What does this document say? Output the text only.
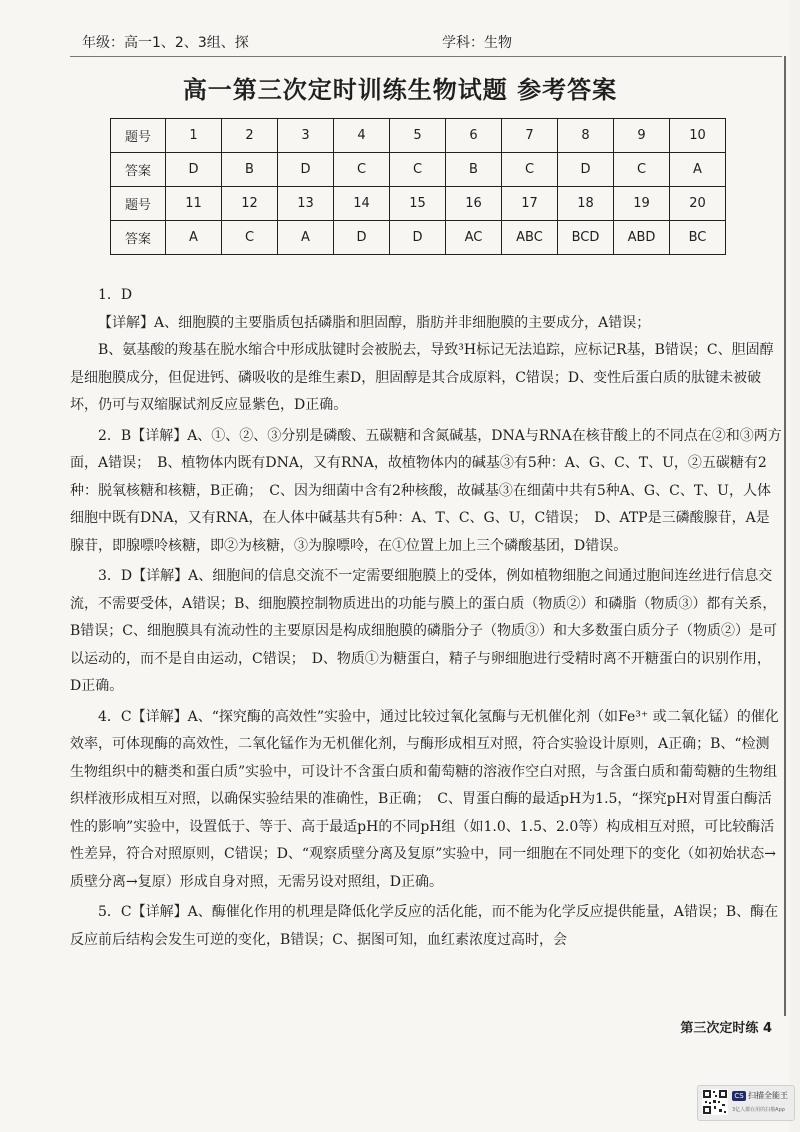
年级：高一1、2、3组、探	学科：生物
高一第三次定时训练生物试题 参考答案
题号	1	2	3	4	5	6	7	8	9	10
答案	D	B	D	C	C	B	C	D	C	A
题号	11	12	13	14	15	16	17	18	19	20
答案	A	C	A	D	D	AC	ABC	BCD	ABD	BC

1．D

【详解】A、细胞膜的主要脂质包括磷脂和胆固醇，脂肪并非细胞膜的主要成分，A错误；

B、氨基酸的羧基在脱水缩合中形成肽键时会被脱去，导致³H标记无法追踪，应标记R基，B错误；C、胆固醇是细胞膜成分，但促进钙、磷吸收的是维生素D，胆固醇是其合成原料，C错误；D、变性后蛋白质的肽键未被破坏，仍可与双缩脲试剂反应显紫色，D正确。

2．B【详解】A、①、②、③分别是磷酸、五碳糖和含氮碱基，DNA与RNA在核苷酸上的不同点在②和③两方面，A错误；　B、植物体内既有DNA，又有RNA，故植物体内的碱基③有5种：A、G、C、T、U，②五碳糖有2种：脱氧核糖和核糖，B正确；　C、因为细菌中含有2种核酸，故碱基③在细菌中共有5种A、G、C、T、U，人体细胞中既有DNA，又有RNA，在人体中碱基共有5种：A、T、C、G、U，C错误；　D、ATP是三磷酸腺苷，A是腺苷，即腺嘌呤核糖，即②为核糖，③为腺嘌呤，在①位置上加上三个磷酸基团，D错误。

3．D【详解】A、细胞间的信息交流不一定需要细胞膜上的受体，例如植物细胞之间通过胞间连丝进行信息交流，不需要受体，A错误；B、细胞膜控制物质进出的功能与膜上的蛋白质（物质②）和磷脂（物质③）都有关系，B错误；C、细胞膜具有流动性的主要原因是构成细胞膜的磷脂分子（物质③）和大多数蛋白质分子（物质②）是可以运动的，而不是自由运动，C错误；　D、物质①为糖蛋白，精子与卵细胞进行受精时离不开糖蛋白的识别作用，D正确。

4．C【详解】A、“探究酶的高效性”实验中，通过比较过氧化氢酶与无机催化剂（如Fe³⁺ 或二氧化锰）的催化效率，可体现酶的高效性，二氧化锰作为无机催化剂，与酶形成相互对照，符合实验设计原则，A正确；B、“检测生物组织中的糖类和蛋白质”实验中，可设计不含蛋白质和葡萄糖的溶液作空白对照，与含蛋白质和葡萄糖的生物组织样液形成相互对照，以确保实验结果的准确性，B正确；　C、胃蛋白酶的最适pH为1.5，“探究pH对胃蛋白酶活性的影响”实验中，设置低于、等于、高于最适pH的不同pH组（如1.0、1.5、2.0等）构成相互对照，可比较酶活性差异，符合对照原则，C错误；D、“观察质壁分离及复原”实验中，同一细胞在不同处理下的变化（如初始状态→质壁分离→复原）形成自身对照，无需另设对照组，D正确。

5．C【详解】A、酶催化作用的机理是降低化学反应的活化能，而不能为化学反应提供能量，A错误；B、酶在反应前后结构会发生可逆的变化，B错误；C、据图可知，血红素浓度过高时，会

第三次定时练 4
CS 扫描全能王
3亿人都在用的扫描App
